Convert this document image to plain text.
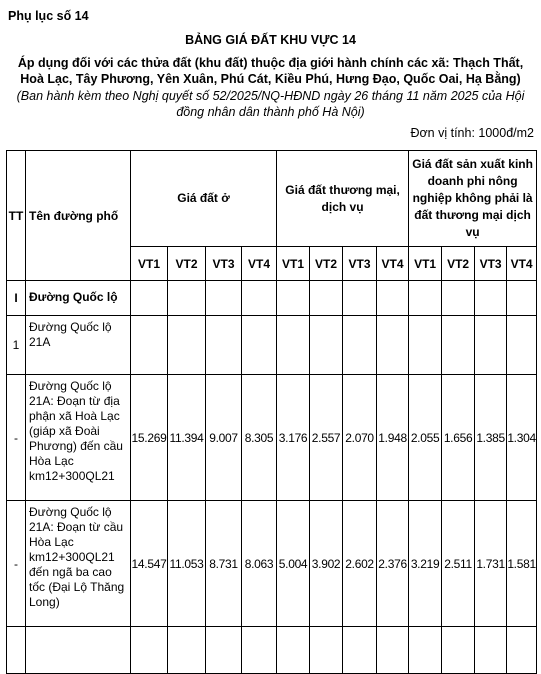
Phụ lục số 14
BẢNG GIÁ ĐẤT KHU VỰC 14
Áp dụng đối với các thửa đất (khu đất) thuộc địa giới hành chính các xã: Thạch Thất, Hoà Lạc, Tây Phương, Yên Xuân, Phú Cát, Kiều Phú, Hưng Đạo, Quốc Oai, Hạ Bằng)
(Ban hành kèm theo Nghị quyết số 52/2025/NQ-HĐND ngày 26 tháng 11 năm 2025 của Hội đồng nhân dân thành phố Hà Nội)
Đơn vị tính: 1000đ/m2
TT	Tên đường phố	Giá đất ở				Giá đất thương mại, dịch vụ				Giá đất sản xuất kinh doanh phi nông nghiệp không phải là đất thương mại dịch vụ			
		VT1	VT2	VT3	VT4	VT1	VT2	VT3	VT4	VT1	VT2	VT3	VT4
I	Đường Quốc lộ												
1	Đường Quốc lộ 21A												
-	Đường Quốc lộ 21A: Đoạn từ địa phận xã Hoà Lạc (giáp xã Đoài Phương) đến cầu Hòa Lạc km12+300QL21	15.269	11.394	9.007	8.305	3.176	2.557	2.070	1.948	2.055	1.656	1.385	1.304
-	Đường Quốc lộ 21A: Đoạn từ cầu Hòa Lạc km12+300QL21 đến ngã ba cao tốc (Đại Lộ Thăng Long)	14.547	11.053	8.731	8.063	5.004	3.902	2.602	2.376	3.219	2.511	1.731	1.581
